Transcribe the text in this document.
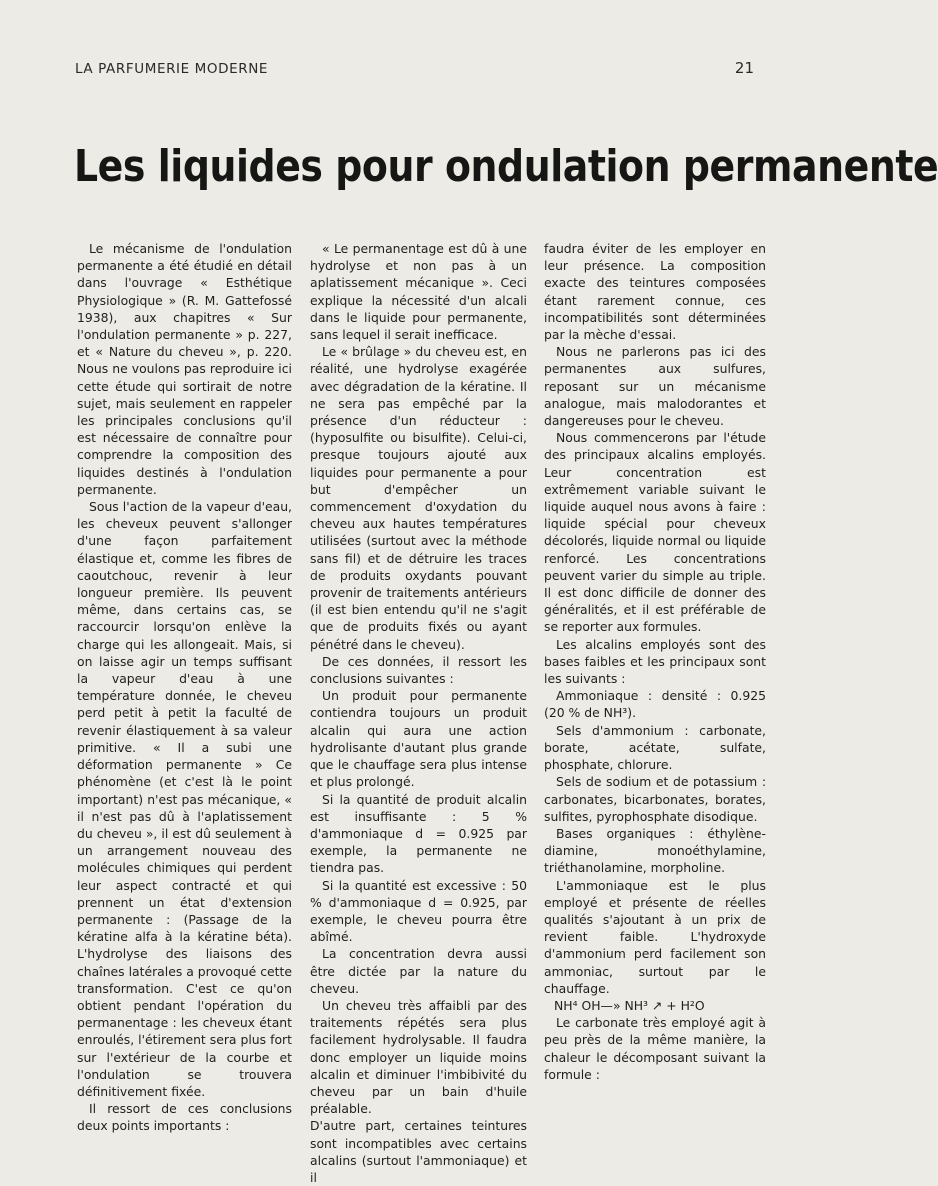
LA PARFUMERIE MODERNE	21
Les liquides pour ondulation permanente

Le mécanisme de l'ondulation permanente a été étudié en détail dans l'ouvrage « Esthétique Physiologique » (R. M. Gattefossé 1938), aux chapitres « Sur l'ondulation permanente » p. 227, et « Nature du cheveu », p. 220. Nous ne voulons pas reproduire ici cette étude qui sortirait de notre sujet, mais seulement en rappeler les principales conclusions qu'il est nécessaire de connaître pour comprendre la composition des liquides destinés à l'ondulation permanente.

Sous l'action de la vapeur d'eau, les cheveux peuvent s'allonger d'une façon parfaitement élastique et, comme les fibres de caoutchouc, revenir à leur longueur première. Ils peuvent même, dans certains cas, se raccourcir lorsqu'on enlève la charge qui les allongeait. Mais, si on laisse agir un temps suffisant la vapeur d'eau à une température donnée, le cheveu perd petit à petit la faculté de revenir élastiquement à sa valeur primitive. « Il a subi une déformation permanente » Ce phénomène (et c'est là le point important) n'est pas mécanique, « il n'est pas dû à l'aplatissement du cheveu », il est dû seulement à un arrangement nouveau des molécules chimiques qui perdent leur aspect contracté et qui prennent un état d'extension permanente : (Passage de la kératine alfa à la kératine béta). L'hydrolyse des liaisons des chaînes latérales a provoqué cette transformation. C'est ce qu'on obtient pendant l'opération du permanentage : les cheveux étant enroulés, l'étirement sera plus fort sur l'extérieur de la courbe et l'ondulation se trouvera définitivement fixée.

Il ressort de ces conclusions deux points importants :

« Le permanentage est dû à une hydrolyse et non pas à un aplatissement mécanique ». Ceci explique la nécessité d'un alcali dans le liquide pour permanente, sans lequel il serait inefficace.

Le « brûlage » du cheveu est, en réalité, une hydrolyse exagérée avec dégradation de la kératine. Il ne sera pas empêché par la présence d'un réducteur : (hyposulfite ou bisulfite). Celui-ci, presque toujours ajouté aux liquides pour permanente a pour but d'empêcher un commencement d'oxydation du cheveu aux hautes températures utilisées (surtout avec la méthode sans fil) et de détruire les traces de produits oxydants pouvant provenir de traitements antérieurs (il est bien entendu qu'il ne s'agit que de produits fixés ou ayant pénétré dans le cheveu).

De ces données, il ressort les conclusions suivantes :

Un produit pour permanente contiendra toujours un produit alcalin qui aura une action hydrolisante d'autant plus grande que le chauffage sera plus intense et plus prolongé.

Si la quantité de produit alcalin est insuffisante : 5 % d'ammoniaque d = 0.925 par exemple, la permanente ne tiendra pas.

Si la quantité est excessive : 50 % d'ammoniaque d = 0.925, par exemple, le cheveu pourra être abîmé.

La concentration devra aussi être dictée par la nature du cheveu.

Un cheveu très affaibli par des traitements répétés sera plus facilement hydrolysable. Il faudra donc employer un liquide moins alcalin et diminuer l'imbibivité du cheveu par un bain d'huile préalable.

D'autre part, certaines teintures sont incompatibles avec certains alcalins (surtout l'ammoniaque) et il

faudra éviter de les employer en leur présence. La composition exacte des teintures composées étant rarement connue, ces incompatibilités sont déterminées par la mèche d'essai.

Nous ne parlerons pas ici des permanentes aux sulfures, reposant sur un mécanisme analogue, mais malodorantes et dangereuses pour le cheveu.

Nous commencerons par l'étude des principaux alcalins employés. Leur concentration est extrêmement variable suivant le liquide auquel nous avons à faire : liquide spécial pour cheveux décolorés, liquide normal ou liquide renforcé. Les concentrations peuvent varier du simple au triple. Il est donc difficile de donner des généralités, et il est préférable de se reporter aux formules.

Les alcalins employés sont des bases faibles et les principaux sont les suivants :

Ammoniaque : densité : 0.925 (20 % de NH³).

Sels d'ammonium : carbonate, borate, acétate, sulfate, phosphate, chlorure.

Sels de sodium et de potassium : carbonates, bicarbonates, borates, sulfites, pyrophosphate disodique.

Bases organiques : éthylène-diamine, monoéthylamine, triéthanolamine, morpholine.

L'ammoniaque est le plus employé et présente de réelles qualités s'ajoutant à un prix de revient faible. L'hydroxyde d'ammonium perd facilement son ammoniac, surtout par le chauffage.

NH⁴ OH—» NH³ ↗ + H²O

Le carbonate très employé agit à peu près de la même manière, la chaleur le décomposant suivant la formule :
